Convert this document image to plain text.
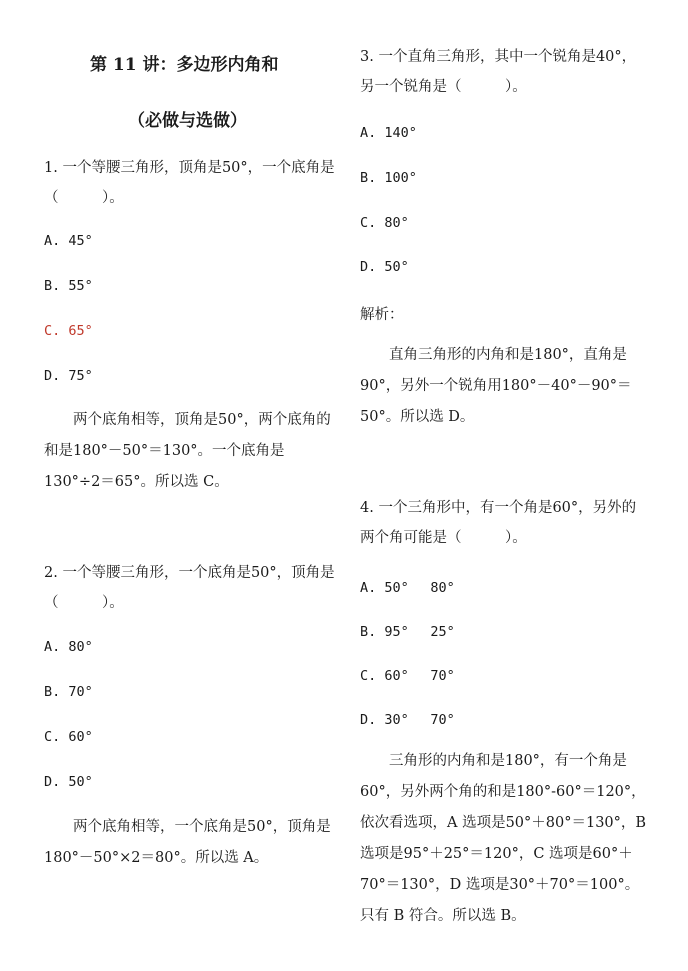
第 11 讲：多边形内角和
（必做与选做）
1. 一个等腰三角形，顶角是50°，一个底角是（　　　）。
A. 45°
B. 55°
C. 65°
D. 75°
两个底角相等，顶角是50°，两个底角的和是180°－50°＝130°。一个底角是130°÷2＝65°。所以选 C。
2. 一个等腰三角形，一个底角是50°，顶角是（　　　）。
A. 80°
B. 70°
C. 60°
D. 50°
两个底角相等，一个底角是50°，顶角是180°－50°×2＝80°。所以选 A。
3. 一个直角三角形，其中一个锐角是40°，另一个锐角是（　　　）。
A. 140°
B. 100°
C. 80°
D. 50°
解析：
直角三角形的内角和是180°，直角是90°，另外一个锐角用180°－40°－90°＝50°。所以选 D。
4. 一个三角形中，有一个角是60°，另外的两个角可能是（　　　）。
A. 50°　 80°
B. 95°　 25°
C. 60°　 70°
D. 30°　 70°
三角形的内角和是180°，有一个角是60°，另外两个角的和是180°-60°＝120°，依次看选项，A 选项是50°＋80°＝130°，B 选项是95°＋25°＝120°，C 选项是60°＋70°＝130°，D 选项是30°＋70°＝100°。只有 B 符合。所以选 B。
